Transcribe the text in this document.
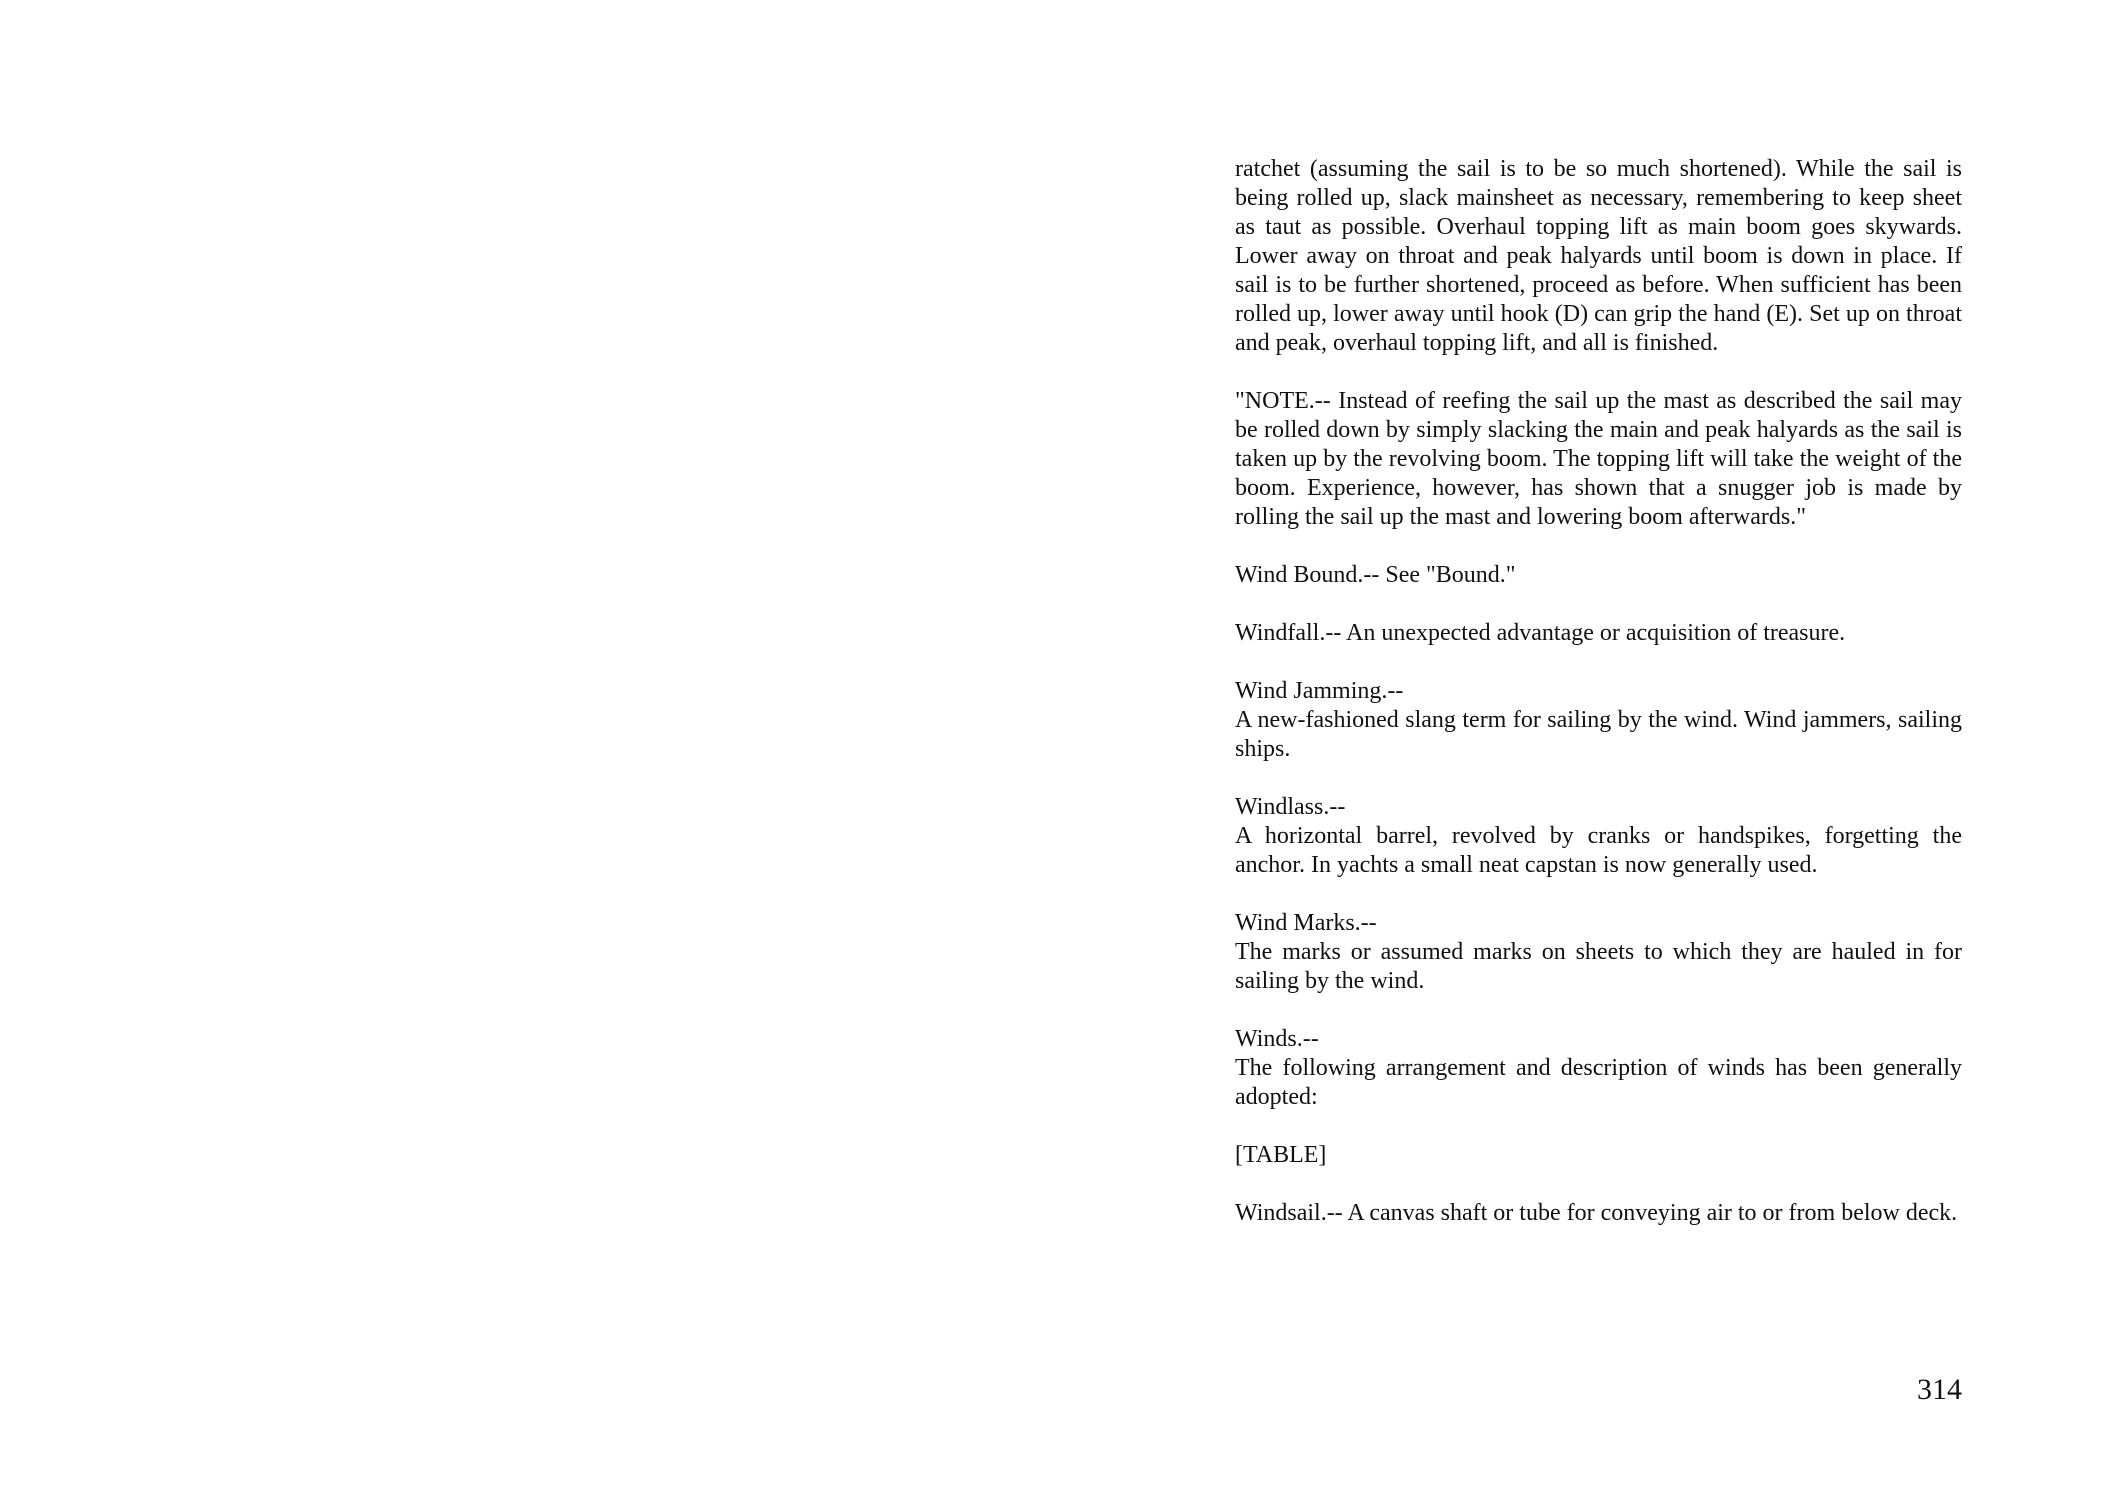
ratchet (assuming the sail is to be so much shortened). While the sail is being rolled up, slack mainsheet as necessary, remembering to keep sheet as taut as possible. Overhaul topping lift as main boom goes skywards. Lower away on throat and peak halyards until boom is down in place. If sail is to be further shortened, proceed as before. When sufficient has been rolled up, lower away until hook (D) can grip the hand (E). Set up on throat and peak, overhaul topping lift, and all is finished.

"NOTE.-- Instead of reefing the sail up the mast as described the sail may be rolled down by simply slacking the main and peak halyards as the sail is taken up by the revolving boom. The topping lift will take the weight of the boom. Experience, however, has shown that a snugger job is made by rolling the sail up the mast and lowering boom afterwards."

Wind Bound.-- See "Bound."

Windfall.-- An unexpected advantage or acquisition of treasure.

Wind Jamming.--
A new-fashioned slang term for sailing by the wind. Wind jammers, sailing ships.
Windlass.--
A horizontal barrel, revolved by cranks or handspikes, forgetting the anchor. In yachts a small neat capstan is now generally used.
Wind Marks.--
The marks or assumed marks on sheets to which they are hauled in for sailing by the wind.
Winds.--
The following arrangement and description of winds has been generally adopted:

[TABLE]

Windsail.-- A canvas shaft or tube for conveying air to or from below deck.

314
